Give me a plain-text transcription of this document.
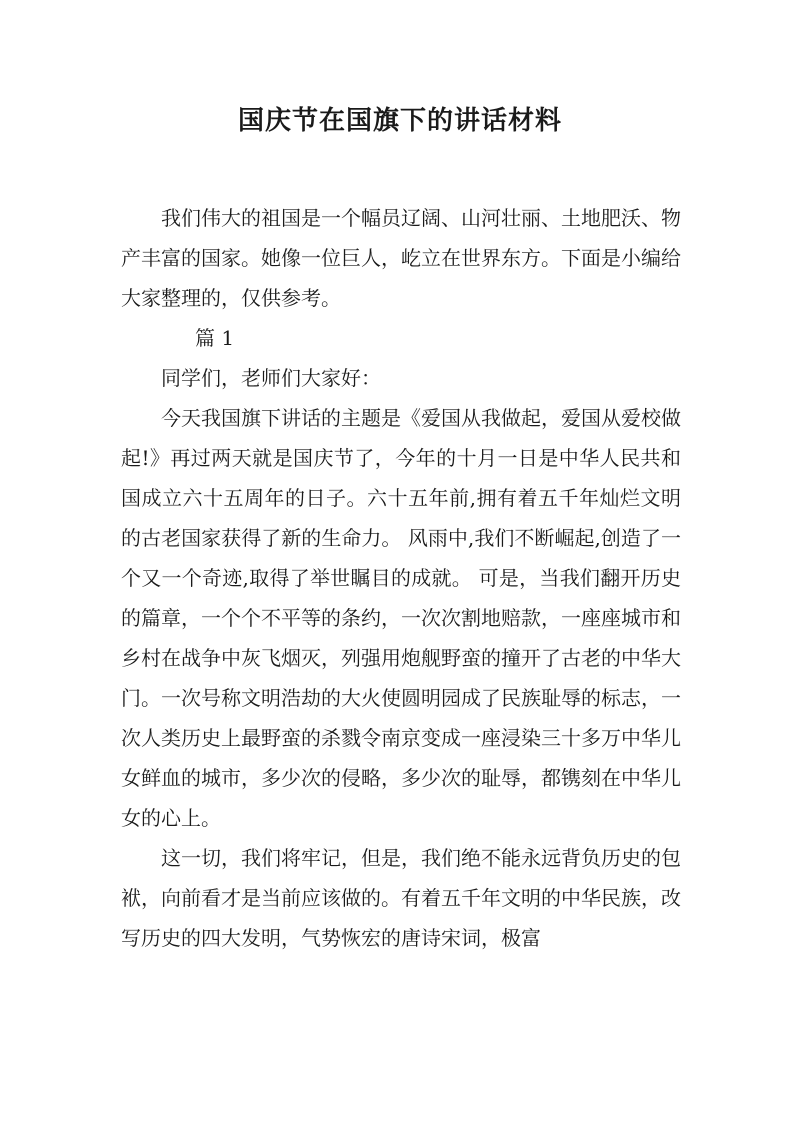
国庆节在国旗下的讲话材料

我们伟大的祖国是一个幅员辽阔、山河壮丽、土地肥沃、物产丰富的国家。她像一位巨人，屹立在世界东方。下面是小编给大家整理的，仅供参考。

篇 1

同学们，老师们大家好：

今天我国旗下讲话的主题是《爱国从我做起，爱国从爱校做起!》再过两天就是国庆节了，今年的十月一日是中华人民共和国成立六十五周年的日子。六十五年前,拥有着五千年灿烂文明的古老国家获得了新的生命力。 风雨中,我们不断崛起,创造了一个又一个奇迹,取得了举世瞩目的成就。 可是，当我们翻开历史的篇章，一个个不平等的条约，一次次割地赔款，一座座城市和乡村在战争中灰飞烟灭，列强用炮舰野蛮的撞开了古老的中华大门。一次号称文明浩劫的大火使圆明园成了民族耻辱的标志，一次人类历史上最野蛮的杀戮令南京变成一座浸染三十多万中华儿女鲜血的城市，多少次的侵略，多少次的耻辱，都镌刻在中华儿女的心上。

这一切，我们将牢记，但是，我们绝不能永远背负历史的包袱，向前看才是当前应该做的。有着五千年文明的中华民族，改写历史的四大发明，气势恢宏的唐诗宋词，极富
